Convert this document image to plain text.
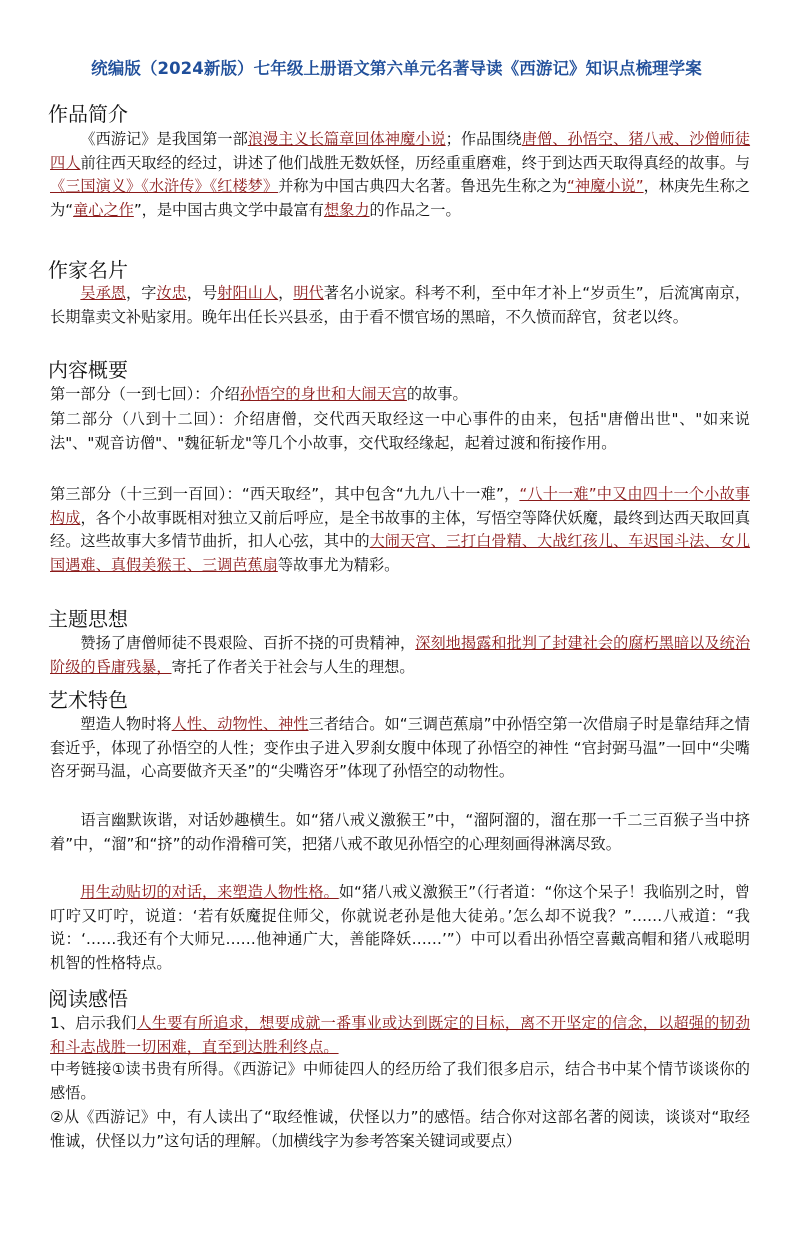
统编版（2024新版）七年级上册语文第六单元名著导读《西游记》知识点梳理学案
作品简介
《西游记》是我国第一部浪漫主义长篇章回体神魔小说；作品围绕唐僧、孙悟空、猪八戒、沙僧师徒四人前往西天取经的经过，讲述了他们战胜无数妖怪，历经重重磨难，终于到达西天取得真经的故事。与《三国演义》《水浒传》《红楼梦》并称为中国古典四大名著。鲁迅先生称之为“神魔小说”，林庚先生称之为“童心之作”，是中国古典文学中最富有想象力的作品之一。
作家名片
吴承恩，字汝忠，号射阳山人，明代著名小说家。科考不利，至中年才补上“岁贡生”，后流寓南京，长期靠卖文补贴家用。晚年出任长兴县丞，由于看不惯官场的黑暗，不久愤而辞官，贫老以终。
内容概要
第一部分（一到七回）：介绍孙悟空的身世和大闹天宫的故事。
第二部分（八到十二回）：介绍唐僧，交代西天取经这一中心事件的由来，包括"唐僧出世"、"如来说法"、"观音访僧"、"魏征斩龙"等几个小故事，交代取经缘起，起着过渡和衔接作用。
第三部分（十三到一百回）：“西天取经”，其中包含“九九八十一难”，“八十一难”中又由四十一个小故事构成，各个小故事既相对独立又前后呼应，是全书故事的主体，写悟空等降伏妖魔，最终到达西天取回真经。这些故事大多情节曲折，扣人心弦，其中的大闹天宫、三打白骨精、大战红孩儿、车迟国斗法、女儿国遇难、真假美猴王、三调芭蕉扇等故事尤为精彩。
主题思想
赞扬了唐僧师徒不畏艰险、百折不挠的可贵精神，深刻地揭露和批判了封建社会的腐朽黑暗以及统治阶级的昏庸残暴，寄托了作者关于社会与人生的理想。
艺术特色
塑造人物时将人性、动物性、神性三者结合。如“三调芭蕉扇”中孙悟空第一次借扇子时是靠结拜之情套近乎，体现了孙悟空的人性；变作虫子进入罗刹女腹中体现了孙悟空的神性 “官封弼马温”一回中“尖嘴咨牙弼马温，心高要做齐天圣”的“尖嘴咨牙”体现了孙悟空的动物性。
语言幽默诙谐，对话妙趣横生。如“猪八戒义激猴王”中，“溜阿溜的，溜在那一千二三百猴子当中挤着”中，“溜”和“挤”的动作滑稽可笑，把猪八戒不敢见孙悟空的心理刻画得淋漓尽致。
用生动贴切的对话，来塑造人物性格。如“猪八戒义激猴王”（行者道：“你这个呆子！我临别之时，曾叮咛又叮咛，说道：‘若有妖魔捉住师父，你就说老孙是他大徒弟。’怎么却不说我？”……八戒道：“我说：‘……我还有个大师兄……他神通广大，善能降妖……’”）中可以看出孙悟空喜戴高帽和猪八戒聪明机智的性格特点。
阅读感悟
1、启示我们人生要有所追求，想要成就一番事业或达到既定的目标，离不开坚定的信念，以超强的韧劲和斗志战胜一切困难，直至到达胜利终点。
中考链接①读书贵有所得。《西游记》中师徒四人的经历给了我们很多启示，结合书中某个情节谈谈你的感悟。
②从《西游记》中，有人读出了“取经惟诚，伏怪以力”的感悟。结合你对这部名著的阅读，谈谈对“取经惟诚，伏怪以力”这句话的理解。（加横线字为参考答案关键词或要点）
